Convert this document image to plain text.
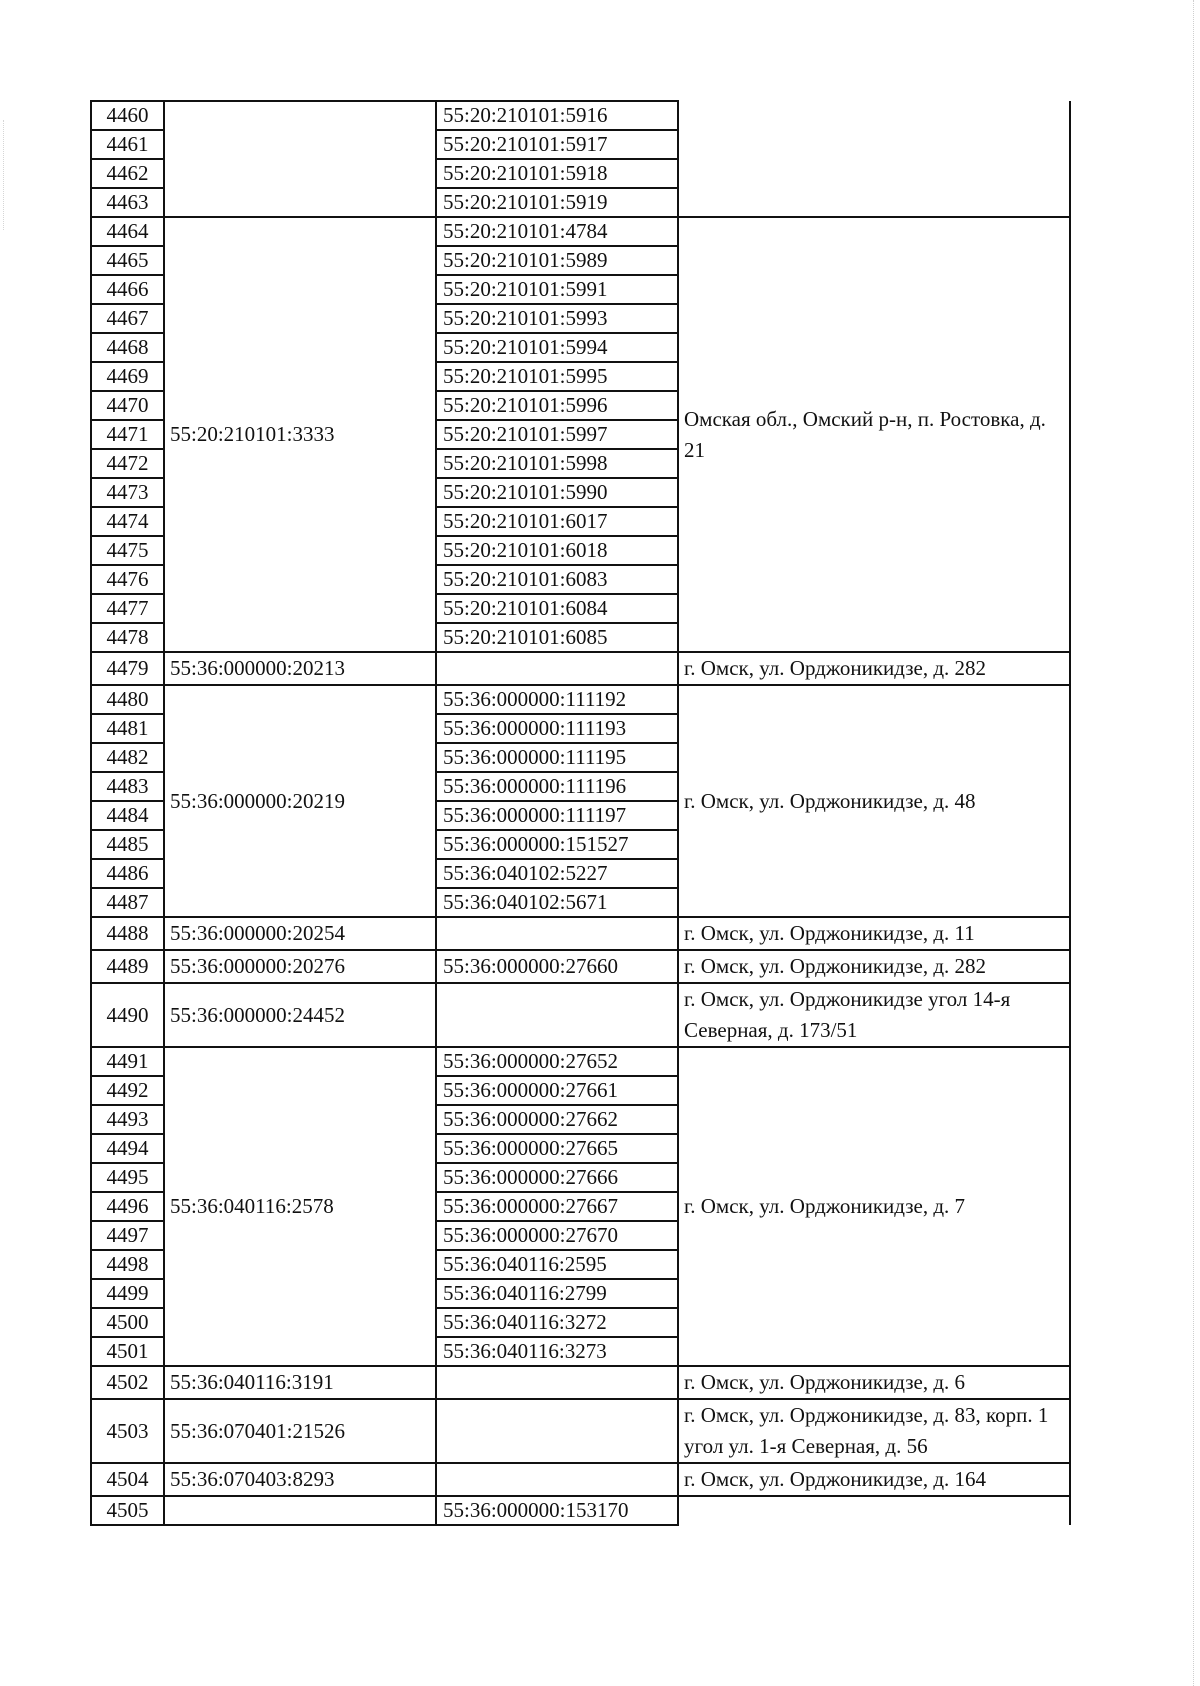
4460		55:20:210101:5916	
4461		55:20:210101:5917	
4462		55:20:210101:5918	
4463		55:20:210101:5919	
4464	55:20:210101:3333	55:20:210101:4784	Омская обл., Омский р-н, п. Ростовка, д. 21
4465		55:20:210101:5989	
4466		55:20:210101:5991	
4467		55:20:210101:5993	
4468		55:20:210101:5994	
4469		55:20:210101:5995	
4470		55:20:210101:5996	
4471		55:20:210101:5997	
4472		55:20:210101:5998	
4473		55:20:210101:5990	
4474		55:20:210101:6017	
4475		55:20:210101:6018	
4476		55:20:210101:6083	
4477		55:20:210101:6084	
4478		55:20:210101:6085	
4479	55:36:000000:20213		г. Омск, ул. Орджоникидзе, д. 282
4480	55:36:000000:20219	55:36:000000:111192	г. Омск, ул. Орджоникидзе, д. 48
4481		55:36:000000:111193	
4482		55:36:000000:111195	
4483		55:36:000000:111196	
4484		55:36:000000:111197	
4485		55:36:000000:151527	
4486		55:36:040102:5227	
4487		55:36:040102:5671	
4488	55:36:000000:20254		г. Омск, ул. Орджоникидзе, д. 11
4489	55:36:000000:20276	55:36:000000:27660	г. Омск, ул. Орджоникидзе, д. 282
4490	55:36:000000:24452		г. Омск, ул. Орджоникидзе угол 14-я Северная, д. 173/51
4491	55:36:040116:2578	55:36:000000:27652	г. Омск, ул. Орджоникидзе, д. 7
4492		55:36:000000:27661	
4493		55:36:000000:27662	
4494		55:36:000000:27665	
4495		55:36:000000:27666	
4496		55:36:000000:27667	
4497		55:36:000000:27670	
4498		55:36:040116:2595	
4499		55:36:040116:2799	
4500		55:36:040116:3272	
4501		55:36:040116:3273	
4502	55:36:040116:3191		г. Омск, ул. Орджоникидзе, д. 6
4503	55:36:070401:21526		г. Омск, ул. Орджоникидзе, д. 83, корп. 1 угол ул. 1-я Северная, д. 56
4504	55:36:070403:8293		г. Омск, ул. Орджоникидзе, д. 164
4505		55:36:000000:153170	
